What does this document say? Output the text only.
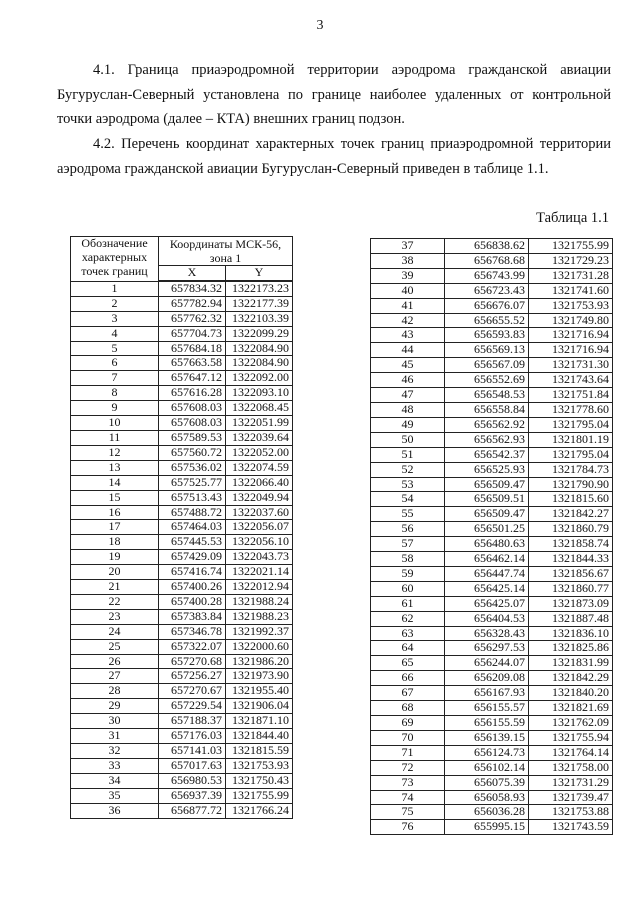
3

4.1. Граница приаэродромной территории аэродрома гражданской авиации Бугуруслан-Северный установлена по границе наиболее удаленных от контрольной точки аэродрома (далее – КТА) внешних границ подзон.

4.2. Перечень координат характерных точек границ приаэродромной территории аэродрома гражданской авиации Бугуруслан-Северный приведен в таблице 1.1.

Таблица 1.1
Обозначение характерных точек границ	Координаты МСК-56, зона 1	
	X	Y

1	657834.32	1322173.23
2	657782.94	1322177.39
3	657762.32	1322103.39
4	657704.73	1322099.29
5	657684.18	1322084.90
6	657663.58	1322084.90
7	657647.12	1322092.00
8	657616.28	1322093.10
9	657608.03	1322068.45
10	657608.03	1322051.99
11	657589.53	1322039.64
12	657560.72	1322052.00
13	657536.02	1322074.59
14	657525.77	1322066.40
15	657513.43	1322049.94
16	657488.72	1322037.60
17	657464.03	1322056.07
18	657445.53	1322056.10
19	657429.09	1322043.73
20	657416.74	1322021.14
21	657400.26	1322012.94
22	657400.28	1321988.24
23	657383.84	1321988.23
24	657346.78	1321992.37
25	657322.07	1322000.60
26	657270.68	1321986.20
27	657256.27	1321973.90
28	657270.67	1321955.40
29	657229.54	1321906.04
30	657188.37	1321871.10
31	657176.03	1321844.40
32	657141.03	1321815.59
33	657017.63	1321753.93
34	656980.53	1321750.43
35	656937.39	1321755.99
36	656877.72	1321766.24
37	656838.62	1321755.99
38	656768.68	1321729.23
39	656743.99	1321731.28
40	656723.43	1321741.60
41	656676.07	1321753.93
42	656655.52	1321749.80
43	656593.83	1321716.94
44	656569.13	1321716.94
45	656567.09	1321731.30
46	656552.69	1321743.64
47	656548.53	1321751.84
48	656558.84	1321778.60
49	656562.92	1321795.04
50	656562.93	1321801.19
51	656542.37	1321795.04
52	656525.93	1321784.73
53	656509.47	1321790.90
54	656509.51	1321815.60
55	656509.47	1321842.27
56	656501.25	1321860.79
57	656480.63	1321858.74
58	656462.14	1321844.33
59	656447.74	1321856.67
60	656425.14	1321860.77
61	656425.07	1321873.09
62	656404.53	1321887.48
63	656328.43	1321836.10
64	656297.53	1321825.86
65	656244.07	1321831.99
66	656209.08	1321842.29
67	656167.93	1321840.20
68	656155.57	1321821.69
69	656155.59	1321762.09
70	656139.15	1321755.94
71	656124.73	1321764.14
72	656102.14	1321758.00
73	656075.39	1321731.29
74	656058.93	1321739.47
75	656036.28	1321753.88
76	655995.15	1321743.59
